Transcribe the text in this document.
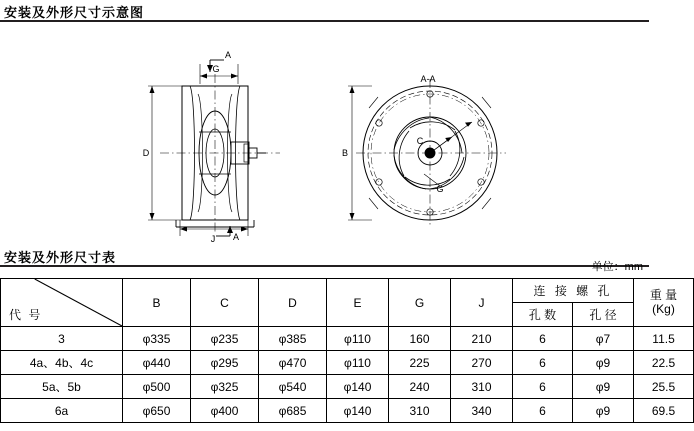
安装及外形尺寸示意图
G
D
J
A
A
A-A
B
C
G
安装及外形尺寸表
单位：mm
代 号	B	C	D	E	G	J	连 接 螺 孔		重 量
(Kg)

							孔 数	孔 径	
3	φ335	φ235	φ385	φ110	160	210	6	φ7	11.5
4a、4b、4c	φ440	φ295	φ470	φ110	225	270	6	φ9	22.5
5a、5b	φ500	φ325	φ540	φ140	240	310	6	φ9	25.5
6a	φ650	φ400	φ685	φ140	310	340	6	φ9	69.5
